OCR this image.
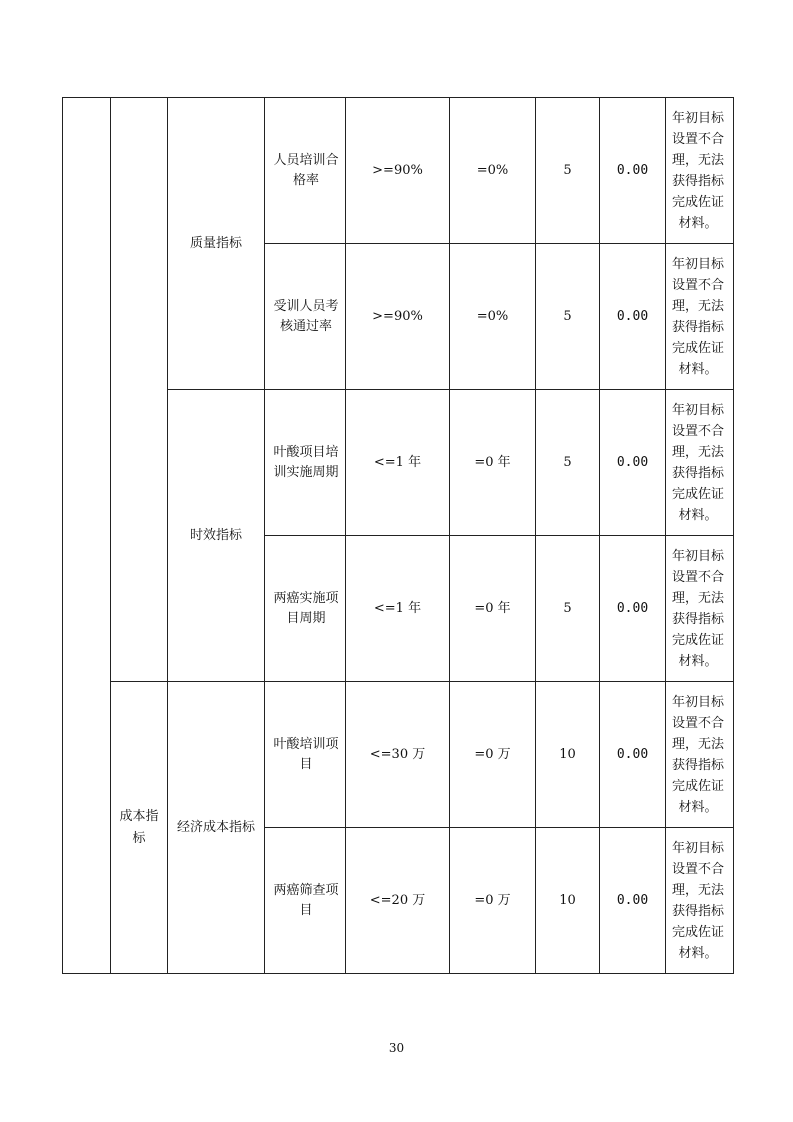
		质量指标	人员培训合格率	>=90%	=0%	5	0.00	年初目标设置不合理，无法获得指标完成佐证材料。
			受训人员考核通过率	>=90%	=0%	5	0.00	年初目标设置不合理，无法获得指标完成佐证材料。
		时效指标	叶酸项目培训实施周期	<=1 年	=0 年	5	0.00	年初目标设置不合理，无法获得指标完成佐证材料。
			两癌实施项目周期	<=1 年	=0 年	5	0.00	年初目标设置不合理，无法获得指标完成佐证材料。
	成本指标	经济成本指标	叶酸培训项目	<=30 万	=0 万	10	0.00	年初目标设置不合理，无法获得指标完成佐证材料。
			两癌筛查项目	<=20 万	=0 万	10	0.00	年初目标设置不合理，无法获得指标完成佐证材料。
30
